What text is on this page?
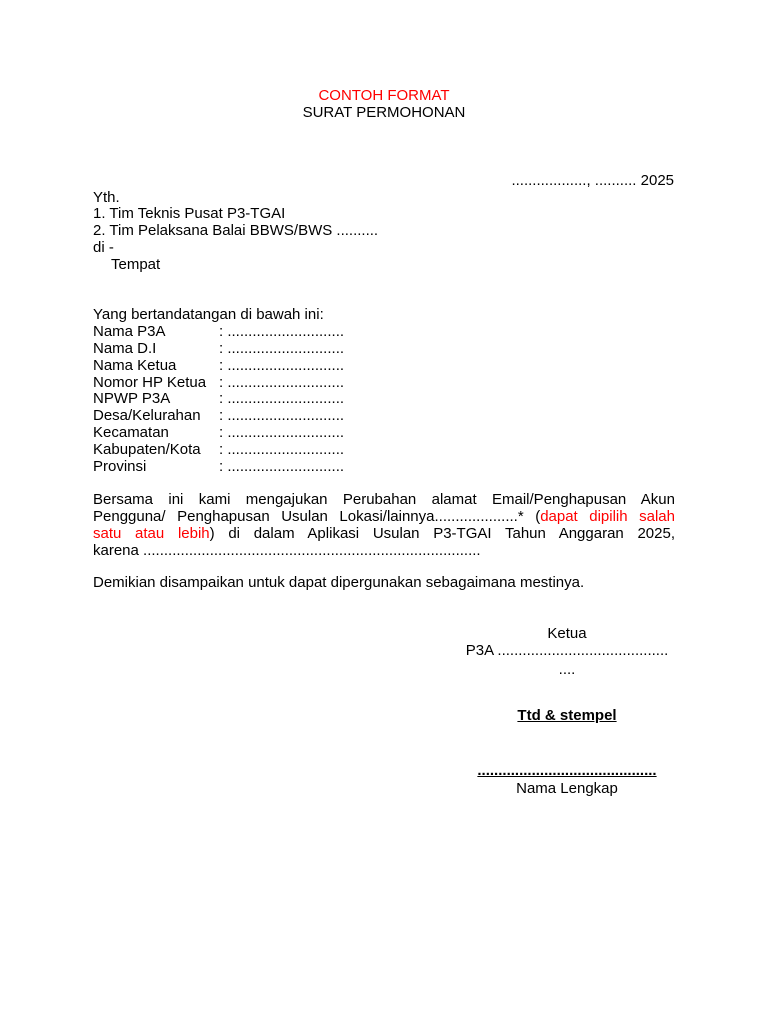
CONTOH FORMAT
SURAT PERMOHONAN
.................., .......... 2025
Yth.
1. Tim Teknis Pusat P3-TGAI
2. Tim Pelaksana Balai BBWS/BWS ..........
di -
Tempat
Yang bertandatangan di bawah ini:
Nama P3A	: ............................
Nama D.I	: ............................
Nama Ketua	: ............................
Nomor HP Ketua : ............................
NPWP P3A	: ............................
Desa/Kelurahan : ............................
Kecamatan	: ............................
Kabupaten/Kota : ............................
Provinsi	: ............................
Bersama ini kami mengajukan Perubahan alamat Email/Penghapusan Akun
Pengguna/ Penghapusan Usulan Lokasi/lainnya....................* (dapat dipilih salah
satu atau lebih) di dalam Aplikasi Usulan P3-TGAI Tahun Anggaran 2025,
karena .................................................................................
Demikian disampaikan untuk dapat dipergunakan sebagaimana mestinya.
Ketua
P3A .........................................
....
Ttd & stempel
...........................................
Nama Lengkap
